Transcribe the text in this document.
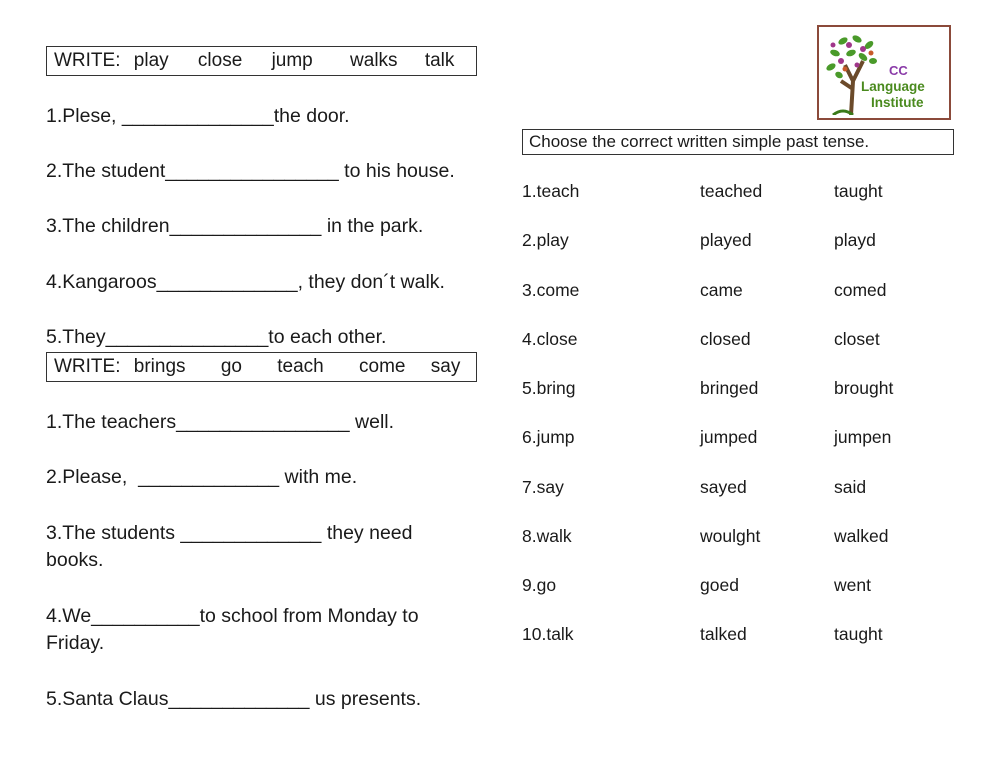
WRITE: play close jump walks talk
1.Plese, ______________the door.
2.The student________________ to his house.
3.The children______________ in the park.
4.Kangaroos_____________, they don´t walk.
5.They_______________to each other.
WRITE: brings go teach come say
1.The teachers________________ well.
2.Please,  _____________ with me.
3.The students _____________ they need books.
4.We__________to school from Monday to Friday.
5.Santa Claus_____________ us presents.
CC
Language
Institute
Choose the correct written simple past tense.
1.teach	teached	taught
2.play	played	playd
3.come	came	comed
4.close	closed	closet
5.bring	bringed	brought
6.jump	jumped	jumpen
7.say	sayed	said
8.walk	woulght	walked
9.go	goed	went
10.talk	talked	taught
